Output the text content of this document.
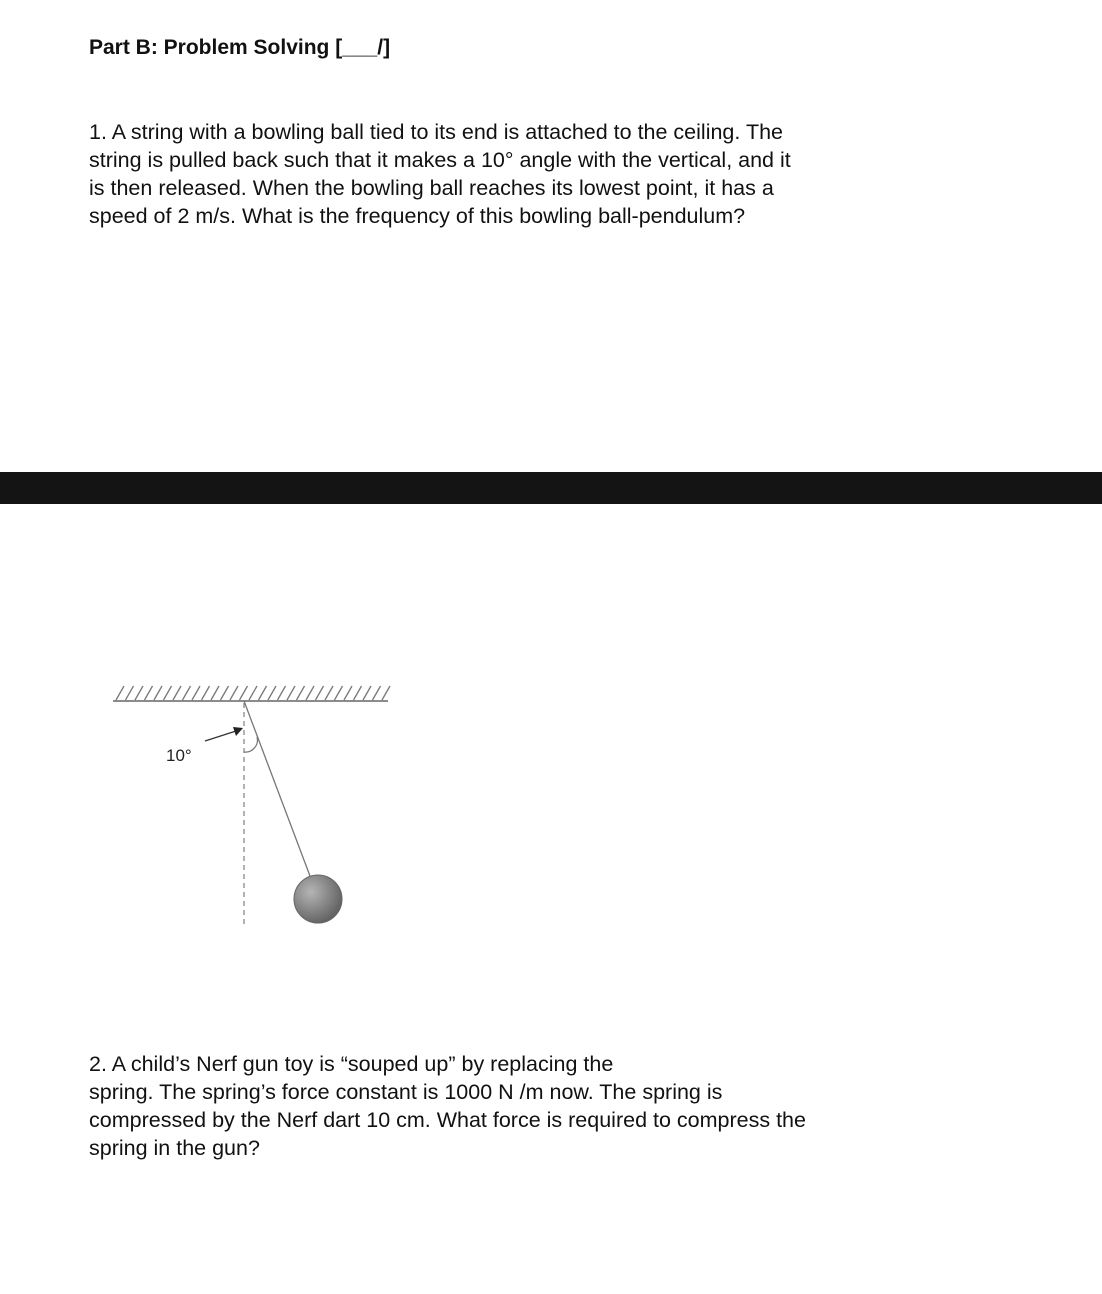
Part B: Problem Solving [___/]
1. A string with a bowling ball tied to its end is attached to the ceiling. The
string is pulled back such that it makes a 10° angle with the vertical, and it
is then released. When the bowling ball reaches its lowest point, it has a
speed of 2 m/s. What is the frequency of this bowling ball-pendulum?
10°
2. A child’s Nerf gun toy is “souped up” by replacing the
spring. The spring’s force constant is 1000 N /m now. The spring is
compressed by the Nerf dart 10 cm. What force is required to compress the
spring in the gun?
